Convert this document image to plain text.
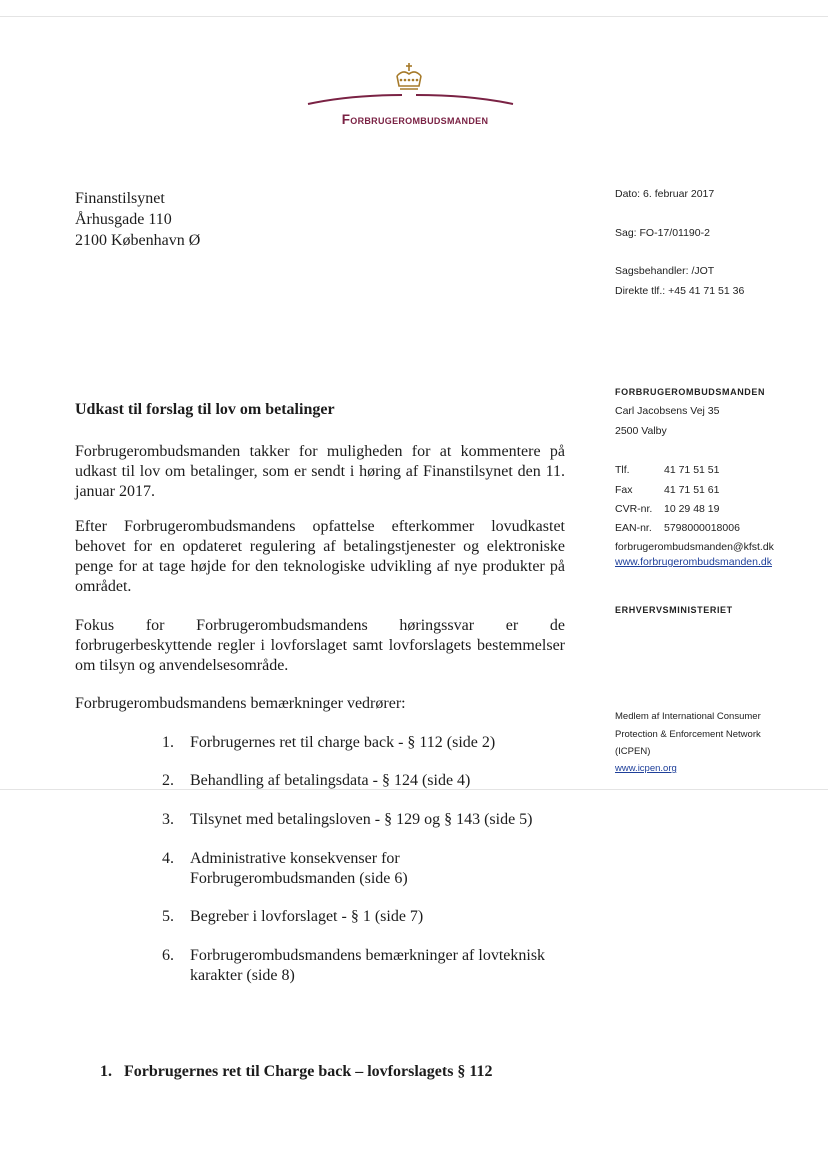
Forbrugerombudsmanden
Finanstilsynet
Århusgade 110
2100 København Ø
Dato: 6. februar 2017
Sag: FO-17/01190-2
Sagsbehandler: /JOT
Direkte tlf.: +45 41 71 51 36
FORBRUGEROMBUDSMANDEN
Carl Jacobsens Vej 35
2500 Valby
Tlf.	41 71 51 51
Fax	41 71 51 61
CVR-nr. 10 29 48 19
EAN-nr. 5798000018006
forbrugerombudsmanden@kfst.dk
www.forbrugerombudsmanden.dk
ERHVERVSMINISTERIET
Medlem af International Consumer
Protection & Enforcement Network
(ICPEN)
www.icpen.org
Udkast til forslag til lov om betalinger
Forbrugerombudsmanden takker for muligheden for at kommentere på udkast til lov om betalinger, som er sendt i høring af Finanstilsynet den 11. januar 2017.
Efter Forbrugerombudsmandens opfattelse efterkommer lovudkastet behovet for en opdateret regulering af betalingstjenester og elektroniske penge for at tage højde for den teknologiske udvikling af nye produkter på området.
Fokus for Forbrugerombudsmandens høringssvar er de forbrugerbeskyttende regler i lovforslaget samt lovforslagets bestemmelser om tilsyn og anvendelsesområde.
Forbrugerombudsmandens bemærkninger vedrører:
1. Forbrugernes ret til charge back - § 112 (side 2)
2. Behandling af betalingsdata - § 124 (side 4)
3. Tilsynet med betalingsloven - § 129 og § 143 (side 5)
4. Administrative konsekvenser for Forbrugerombudsmanden (side 6)
5. Begreber i lovforslaget - § 1 (side 7)
6. Forbrugerombudsmandens bemærkninger af lovteknisk karakter (side 8)
1.   Forbrugernes ret til Charge back – lovforslagets § 112
